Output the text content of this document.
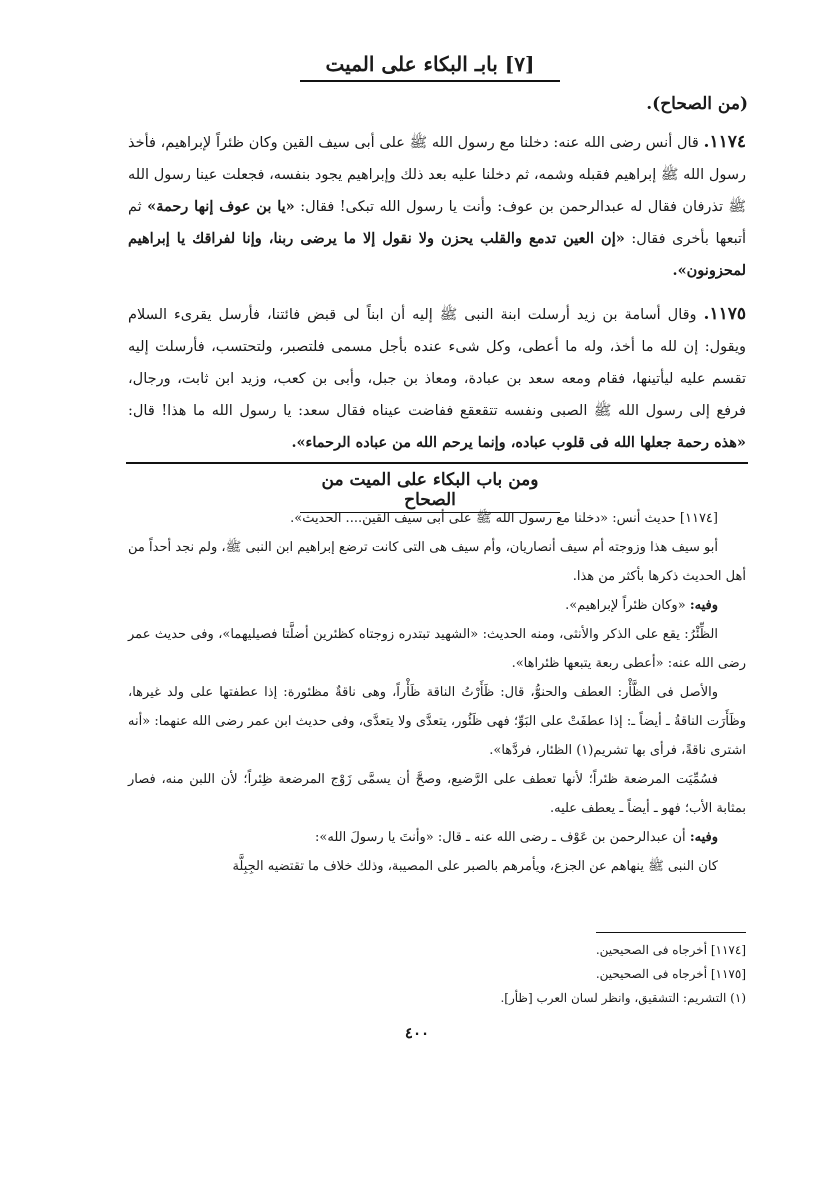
[٧] بابـ البكاء على الميت
(من الصحاح).
١١٧٤. قال أنس رضى الله عنه: دخلنا مع رسول الله ﷺ على أبى سيف القين وكان ظئراً لإبراهيم، فأخذ رسول الله ﷺ إبراهيم فقبله وشمه، ثم دخلنا عليه بعد ذلك وإبراهيم يجود بنفسه، فجعلت عينا رسول الله ﷺ تذرفان فقال له عبدالرحمن بن عوف: وأنت يا رسول الله تبكى! فقال: «يا بن عوف إنها رحمة» ثم أتبعها بأخرى فقال: «إن العين تدمع والقلب يحزن ولا نقول إلا ما يرضى ربنا، وإنا لفراقك يا إبراهيم لمحزونون».
١١٧٥. وقال أسامة بن زيد أرسلت ابنة النبى ﷺ إليه أن ابناً لى قبض فائتنا، فأرسل يقرىء السلام ويقول: إن لله ما أخذ، وله ما أعطى، وكل شىء عنده بأجل مسمى فلتصبر، ولتحتسب، فأرسلت إليه تقسم عليه ليأتينها، فقام ومعه سعد بن عبادة، ومعاذ بن جبل، وأبى بن كعب، وزيد ابن ثابت، ورجال، فرفع إلى رسول الله ﷺ الصبى ونفسه تتقعقع ففاضت عيناه فقال سعد: يا رسول الله ما هذا! قال: «هذه رحمة جعلها الله فى قلوب عباده، وإنما يرحم الله من عباده الرحماء».
ومن باب البكاء على الميت من الصحاح

[١١٧٤] حديث أنس: «دخلنا مع رسول الله ﷺ على أبى سيف القين.... الحديث».

أبو سيف هذا وزوجته أم سيف أنصاريان، وأم سيف هى التى كانت ترضع إبراهيم ابن النبى ﷺ، ولم نجد أحداً من أهل الحديث ذكرها بأكثر من هذا.

وفيه: «وكان ظئراً لإبراهيم».

الظِّئْرُ: يقع على الذكر والأنثى، ومنه الحديث: «الشهيد تبتدره زوجتاه كظئرين أضلَّتا فصيليهما»، وفى حديث عمر رضى الله عنه: «أعطى ربعة يتبعها ظئراها».

والأصل فى الظَّأْر: العطف والحنوُّ، قال: ظَأَرْتُ الناقة ظَأْراً، وهى ناقةٌ مظئورة: إذا عطفتها على ولد غيرها، وظَأَرَت الناقةُ ـ أيضاً ـ: إذا عطفَتْ على البَوِّ؛ فهى ظَئُور، يتعدَّى ولا يتعدَّى، وفى حديث ابن عمر رضى الله عنهما: «أنه اشترى ناقةً، فرأى بها تشريم(١) الظئار، فردَّها».

فسُمِّيَت المرضعة ظئراً؛ لأنها تعطف على الرَّضيع، وصحَّ أن يسمَّى زَوْج المرضعة ظِئراً؛ لأن اللبن منه، فصار بمثابة الأب؛ فهو ـ أيضاً ـ يعطف عليه.

وفيه: أن عبدالرحمن بن عَوْف ـ رضى الله عنه ـ قال: «وأنتَ يا رسولَ الله»:

كان النبى ﷺ ينهاهم عن الجزع، ويأمرهم بالصبر على المصيبة، وذلك خلاف ما تقتضيه الجِبِلَّة

[١١٧٤] أخرجاه فى الصحيحين.
[١١٧٥] أخرجاه فى الصحيحين.
(١) التشريم: التشقيق، وانظر لسان العرب [ظأر].
٤٠٠
